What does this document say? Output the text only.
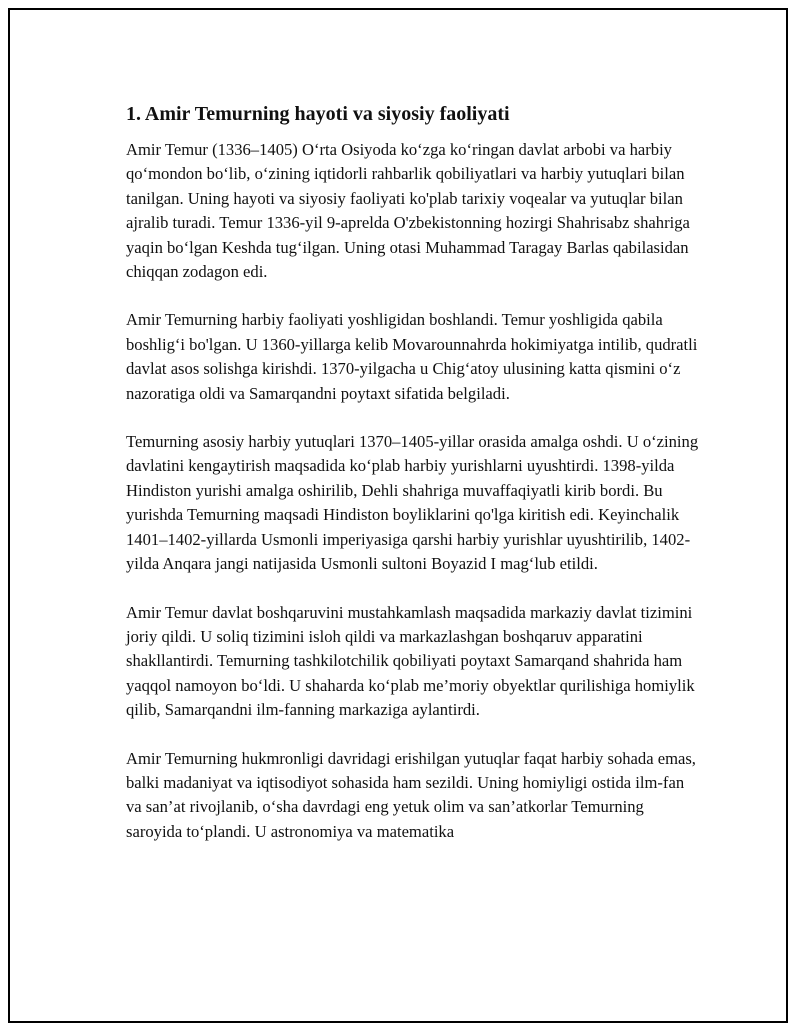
1. Amir Temurning hayoti va siyosiy faoliyati

Amir Temur (1336–1405) O‘rta Osiyoda ko‘zga ko‘ringan davlat arbobi va harbiy qo‘mondon bo‘lib, o‘zining iqtidorli rahbarlik qobiliyatlari va harbiy yutuqlari bilan tanilgan. Uning hayoti va siyosiy faoliyati ko'plab tarixiy voqealar va yutuqlar bilan ajralib turadi. Temur 1336-yil 9-aprelda O'zbekistonning hozirgi Shahrisabz shahriga yaqin bo‘lgan Keshda tug‘ilgan. Uning otasi Muhammad Taragay Barlas qabilasidan chiqqan zodagon edi.

Amir Temurning harbiy faoliyati yoshligidan boshlandi. Temur yoshligida qabila boshlig‘i bo'lgan. U 1360-yillarga kelib Movarounnahrda hokimiyatga intilib, qudratli davlat asos solishga kirishdi. 1370-yilgacha u Chig‘atoy ulusining katta qismini o‘z nazoratiga oldi va Samarqandni poytaxt sifatida belgiladi.

Temurning asosiy harbiy yutuqlari 1370–1405-yillar orasida amalga oshdi. U o‘zining davlatini kengaytirish maqsadida ko‘plab harbiy yurishlarni uyushtirdi. 1398-yilda Hindiston yurishi amalga oshirilib, Dehli shahriga muvaffaqiyatli kirib bordi. Bu yurishda Temurning maqsadi Hindiston boyliklarini qo'lga kiritish edi. Keyinchalik 1401–1402-yillarda Usmonli imperiyasiga qarshi harbiy yurishlar uyushtirilib, 1402-yilda Anqara jangi natijasida Usmonli sultoni Boyazid I mag‘lub etildi.

Amir Temur davlat boshqaruvini mustahkamlash maqsadida markaziy davlat tizimini joriy qildi. U soliq tizimini isloh qildi va markazlashgan boshqaruv apparatini shakllantirdi. Temurning tashkilotchilik qobiliyati poytaxt Samarqand shahrida ham yaqqol namoyon bo‘ldi. U shaharda ko‘plab me’moriy obyektlar qurilishiga homiylik qilib, Samarqandni ilm-fanning markaziga aylantirdi.

Amir Temurning hukmronligi davridagi erishilgan yutuqlar faqat harbiy sohada emas, balki madaniyat va iqtisodiyot sohasida ham sezildi. Uning homiyligi ostida ilm-fan va san’at rivojlanib, o‘sha davrdagi eng yetuk olim va san’atkorlar Temurning saroyida to‘plandi. U astronomiya va matematika
